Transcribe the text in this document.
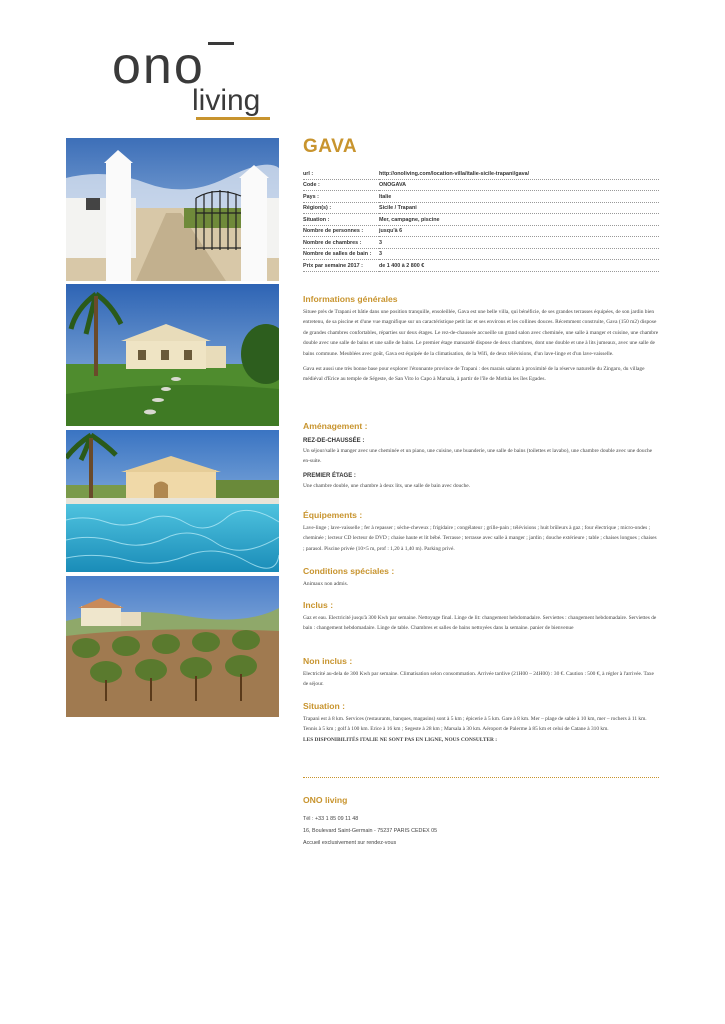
ono
living
GAVA
url :	http://onoliving.com/location-villa/italie-sicile-trapani/gava/
Code :	ONOGAVA
Pays :	Italie
Région(s) :	Sicile / Trapani
Situation :	Mer, campagne, piscine
Nombre de personnes :	jusqu'à 6
Nombre de chambres :	3
Nombre de salles de bain :	3
Prix par semaine 2017 :	de 1 400 à 2 800 €
Informations générales

Situee près de Trapani et bâtie dans une position tranquille, ensoleillée, Gava est une belle villa, qui bénéficie, de ses grandes terrasses équipées, de son jardin bien entretenu, de sa piscine et d'une vue magnifique sur un caractéristique petit lac et ses environs et les collines douces. Récemment construite, Gava (150 m2) dispose de grandes chambres confortables, réparties sur deux étages. Le rez-de-chaussée accueille un grand salon avec cheminée, une salle à manger et cuisine, une chambre double avec une salle de bains et une salle de bains. Le premier étage mansardé dispose de deux chambres, dont une double et une à lits jumeaux, avec une salle de bains commune. Meublées avec goût, Gava est équipée de la climatisation, de la Wifi, de deux télévisions, d'un lave-linge et d'un lave-vaisselle.

Gava est aussi une très bonne base pour explorer l'étonnante province de Trapani : des marais salants à proximité de la réserve naturelle du Zingaro, du village médiéval d'Erice au temple de Ségeste, de San Vito lo Capo à Marsala, à partir de l'île de Mothia les îles Egades.

Aménagement :

REZ-DE-CHAUSSÉE :

Un séjour/salle à manger avec une cheminée et un piano, une cuisine, une buanderie, une salle de bains (toilettes et lavabo), une chambre double avec une douche en-suite.

PREMIER ÉTAGE :

Une chambre double, une chambre à deux lits, une salle de bain avec douche.

Équipements :

Lave-linge ; lave-vaisselle ; fer à repasser ; sèche-cheveux ; frigidaire ; congélateur ; grille-pain ; télévisions ; huit brûleurs à gaz ; four électrique ; micro-ondes ; cheminée ; lecteur CD lecteur de DVD ; chaise haute et lit bébé. Terrasse ; terrasse avec salle à manger ; jardin ; douche extérieure ; table ; chaises longues ; chaises ; parasol. Piscine privée (10×5 m, prof : 1,20 à 1,40 m). Parking privé.

Conditions spéciales :

Animaux non admis.

Inclus :

Gaz et eau. Electricité jusqu'à 300 Kwh par semaine. Nettoyage final. Linge de lit: changement hebdomadaire. Serviettes : changement hebdomadaire. Serviettes de bain : changement hebdomadaire. Linge de table. Chambres et salles de bains nettoyées dans la semaine. panier de bienvenue

Non inclus :

Electricité au-dela de 300 Kwh par semaine. Climatisation selon consommation. Arrivée tardive (21H00 – 24H00) : 30 €. Caution : 500 €, à régler à l'arrivée. Taxe de séjour.

Situation :

Trapani est à 8 km. Services (restaurants, banques, magasins) sont à 5 km ; épicerie à 5 km. Gare à 8 km. Mer – plage de sable à 10 km, mer – rochers à 11 km. Tennis à 5 km ; golf à 100 km. Erice à 16 km ; Segeste à 28 km ; Marsala à 30 km. Aéroport de Palerme à 85 km et celui de Catane à 310 km.

LES DISPONIBILITÉS ITALIE NE SONT PAS EN LIGNE, NOUS CONSULTER :

ONO living

Tél : +33 1 85 09 11 48

16, Boulevard Saint-Germain - 75237 PARIS CEDEX 05

Accueil exclusivement sur rendez-vous
